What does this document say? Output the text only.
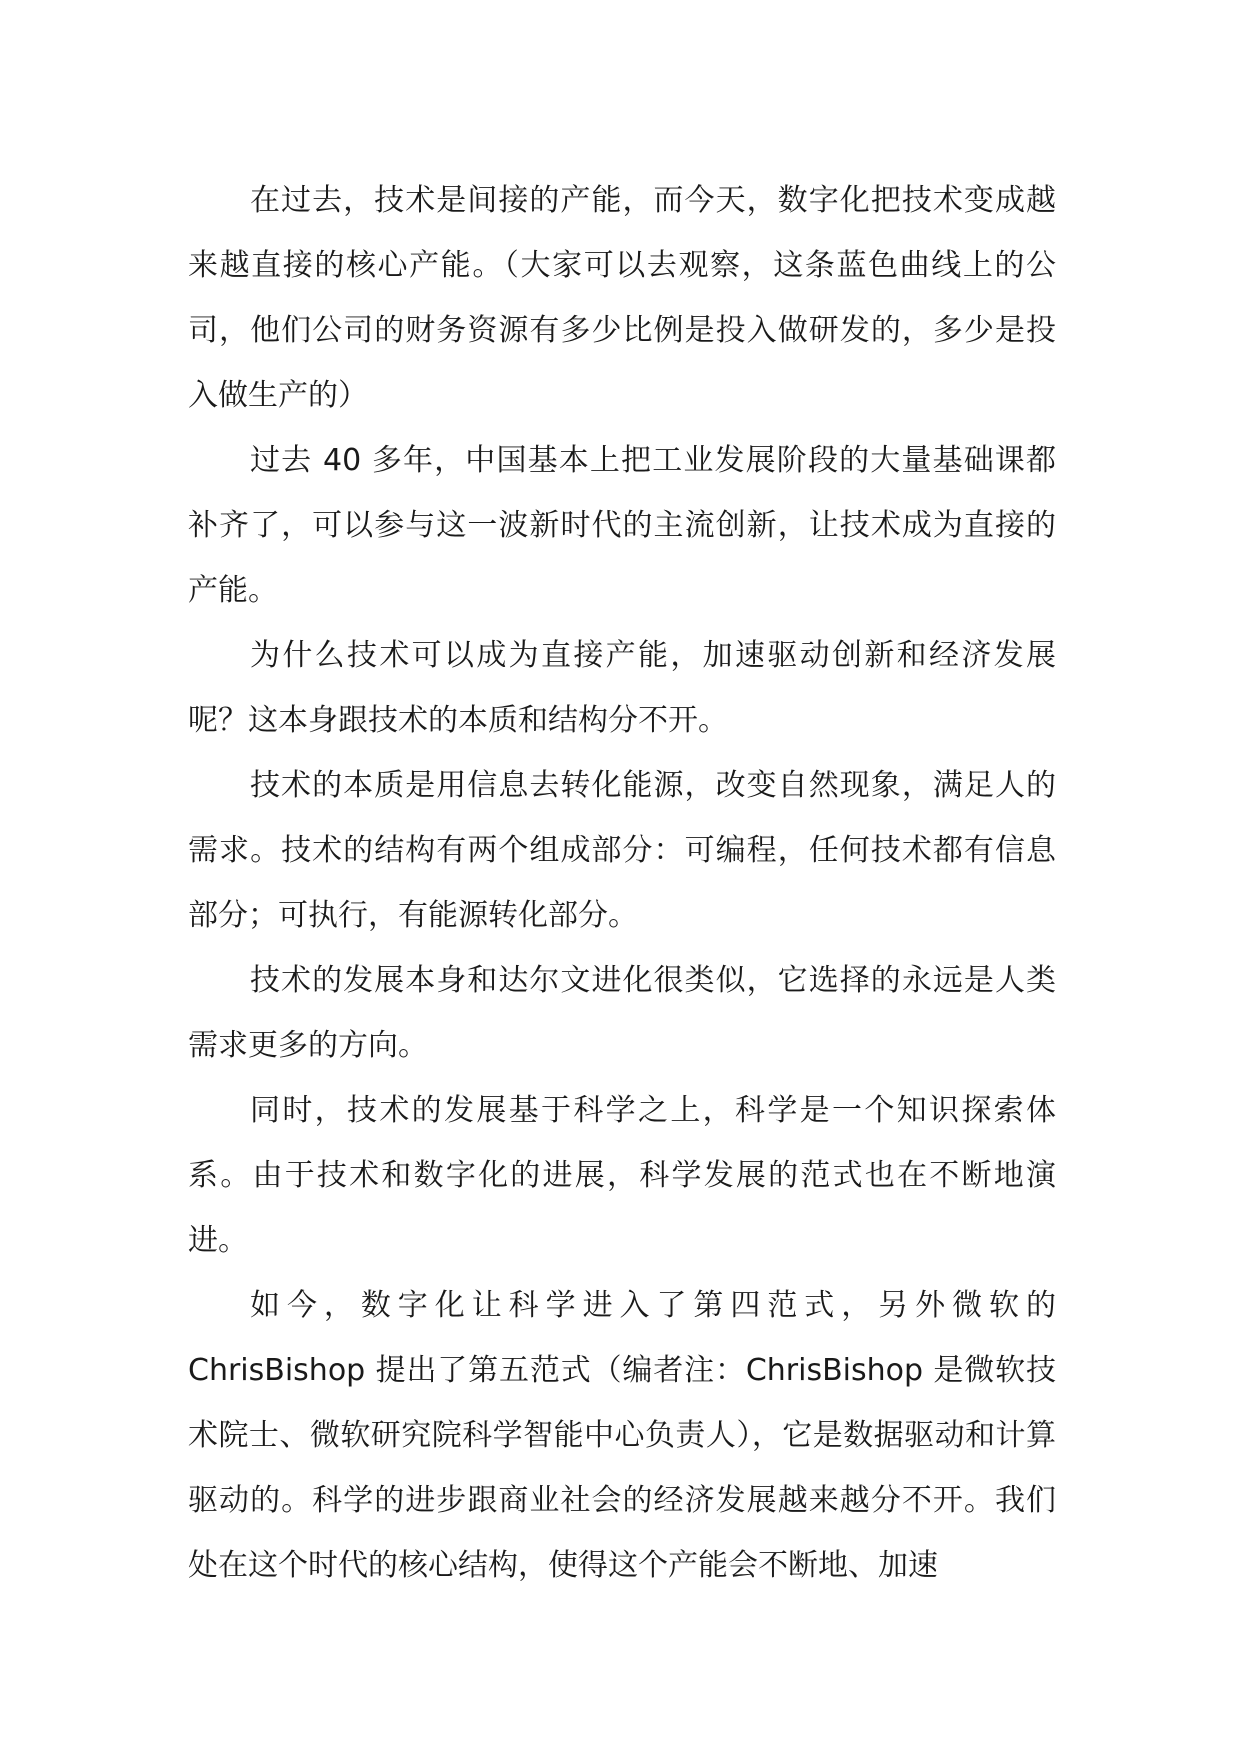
在过去，技术是间接的产能，而今天，数字化把技术变成越来越直接的核心产能。（大家可以去观察，这条蓝色曲线上的公司，他们公司的财务资源有多少比例是投入做研发的，多少是投入做生产的）

过去 40 多年，中国基本上把工业发展阶段的大量基础课都补齐了，可以参与这一波新时代的主流创新，让技术成为直接的产能。

为什么技术可以成为直接产能，加速驱动创新和经济发展呢？这本身跟技术的本质和结构分不开。

技术的本质是用信息去转化能源，改变自然现象，满足人的需求。技术的结构有两个组成部分：可编程，任何技术都有信息部分；可执行，有能源转化部分。

技术的发展本身和达尔文进化很类似，它选择的永远是人类需求更多的方向。

同时，技术的发展基于科学之上，科学是一个知识探索体系。由于技术和数字化的进展，科学发展的范式也在不断地演进。

如今，数字化让科学进入了第四范式，另外微软的ChrisBishop 提出了第五范式（编者注：ChrisBishop 是微软技术院士、微软研究院科学智能中心负责人），它是数据驱动和计算驱动的。科学的进步跟商业社会的经济发展越来越分不开。我们处在这个时代的核心结构，使得这个产能会不断地、加速
